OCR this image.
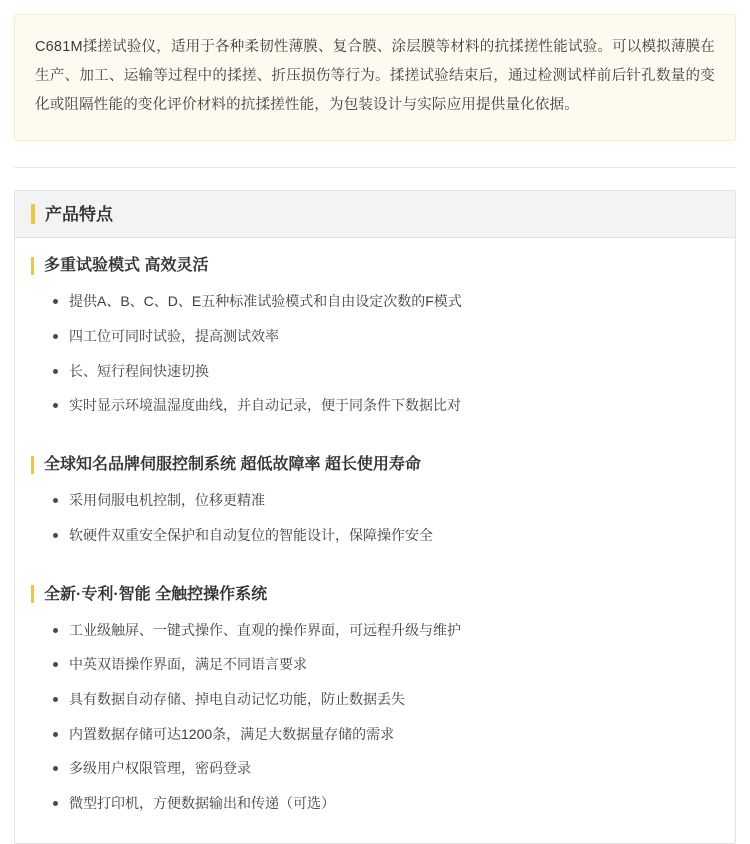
C681M揉搓试验仪，适用于各种柔韧性薄膜、复合膜、涂层膜等材料的抗揉搓性能试验。可以模拟薄膜在生产、加工、运输等过程中的揉搓、折压损伤等行为。揉搓试验结束后，通过检测试样前后针孔数量的变化或阻隔性能的变化评价材料的抗揉搓性能，为包装设计与实际应用提供量化依据。

产品特点
多重试验模式 高效灵活
提供A、B、C、D、E五种标准试验模式和自由设定次数的F模式
四工位可同时试验，提高测试效率
长、短行程间快速切换
实时显示环境温湿度曲线，并自动记录，便于同条件下数据比对
全球知名品牌伺服控制系统 超低故障率 超长使用寿命
采用伺服电机控制，位移更精准
软硬件双重安全保护和自动复位的智能设计，保障操作安全
全新·专利·智能 全触控操作系统
工业级触屏、一键式操作、直观的操作界面，可远程升级与维护
中英双语操作界面，满足不同语言要求
具有数据自动存储、掉电自动记忆功能，防止数据丢失
内置数据存储可达1200条，满足大数据量存储的需求
多级用户权限管理，密码登录
微型打印机，方便数据输出和传递（可选）
